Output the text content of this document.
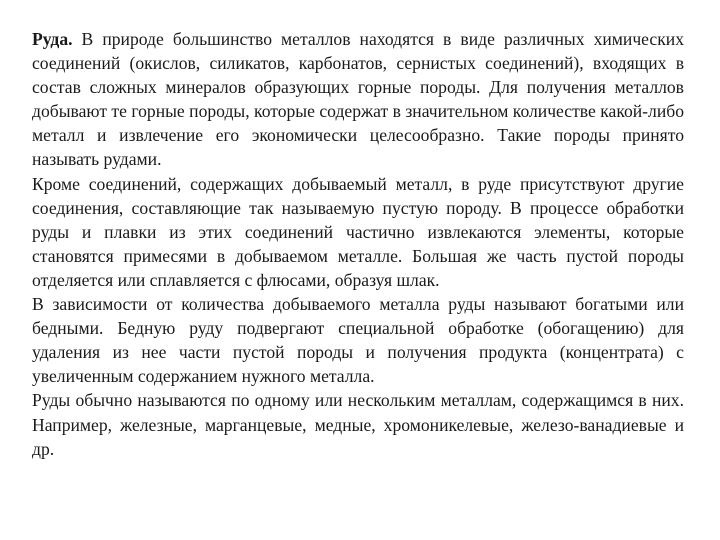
Руда. В природе большинство металлов находятся в виде различных химических соединений (окислов, силикатов, карбонатов, сернистых соединений), входящих в состав сложных минералов образующих горные породы. Для получения металлов добывают те горные породы, которые содержат в значительном количестве какой-либо металл и извлечение его экономически целесообразно. Такие породы принято называть рудами.

Кроме соединений, содержащих добываемый металл, в руде присутствуют другие соединения, составляющие так называемую пустую породу. В процессе обработки руды и плавки из этих соединений частично извлекаются элементы, которые становятся примесями в добываемом металле. Большая же часть пустой породы отделяется или сплавляется с флюсами, образуя шлак.

В зависимости от количества добываемого металла руды называют богатыми или бедными. Бедную руду подвергают специальной обработке (обогащению) для удаления из нее части пустой породы и получения продукта (концентрата) с увеличенным содержанием нужного металла.

Руды обычно называются по одному или нескольким металлам, содержащимся в них. Например, железные, марганцевые, медные, хромоникелевые, железо-ванадиевые и др.
